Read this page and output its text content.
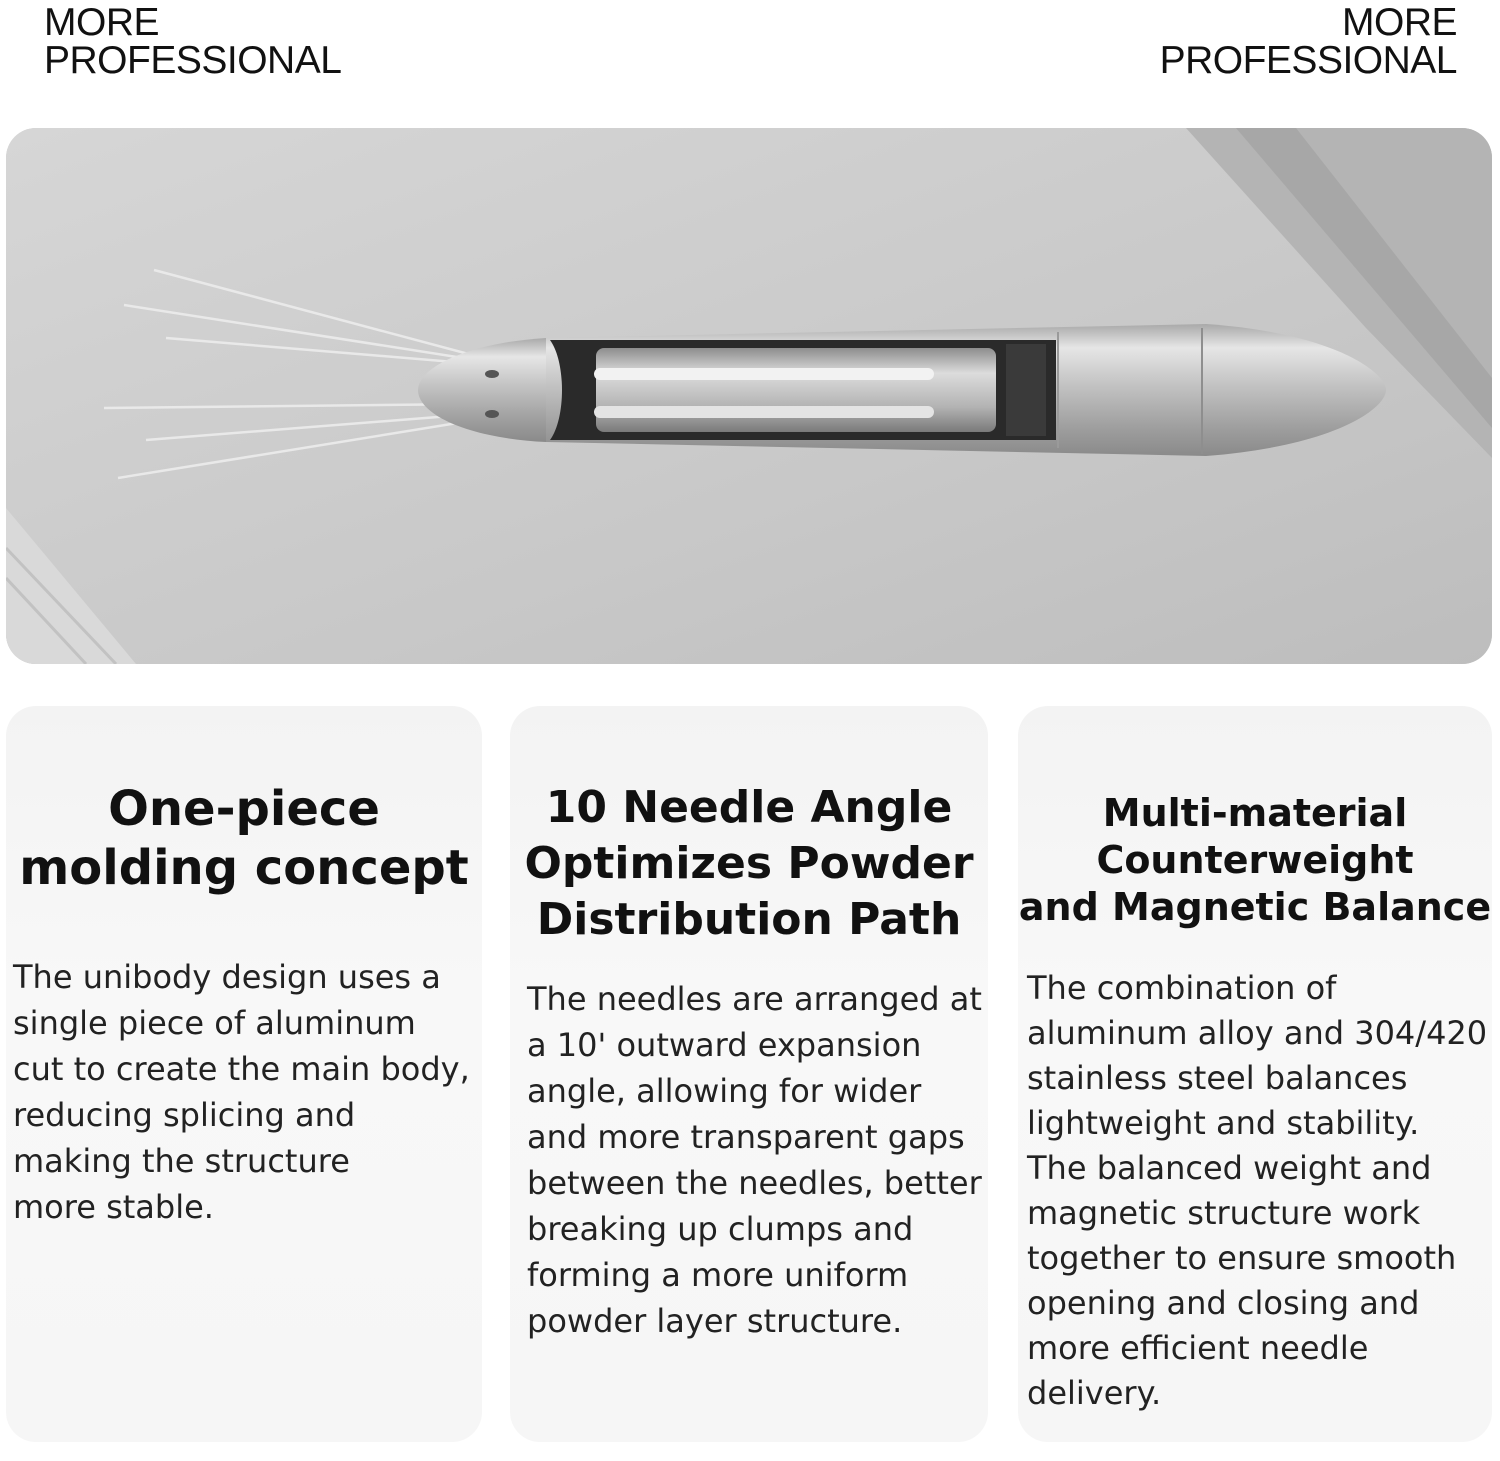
MORE
PROFESSIONAL
MORE
PROFESSIONAL
One-piece
molding concept

The unibody design uses a
single piece of aluminum
cut to create the main body,
reducing splicing and
making the structure
more stable.

10 Needle Angle
Optimizes Powder
Distribution Path

The needles are arranged at
a 10' outward expansion
angle, allowing for wider
and more transparent gaps
between the needles, better
breaking up clumps and
forming a more uniform
powder layer structure.

Multi-material
Counterweight
and Magnetic Balance

The combination of
aluminum alloy and 304/420
stainless steel balances
lightweight and stability.
The balanced weight and
magnetic structure work
together to ensure smooth
opening and closing and
more efficient needle
delivery.
